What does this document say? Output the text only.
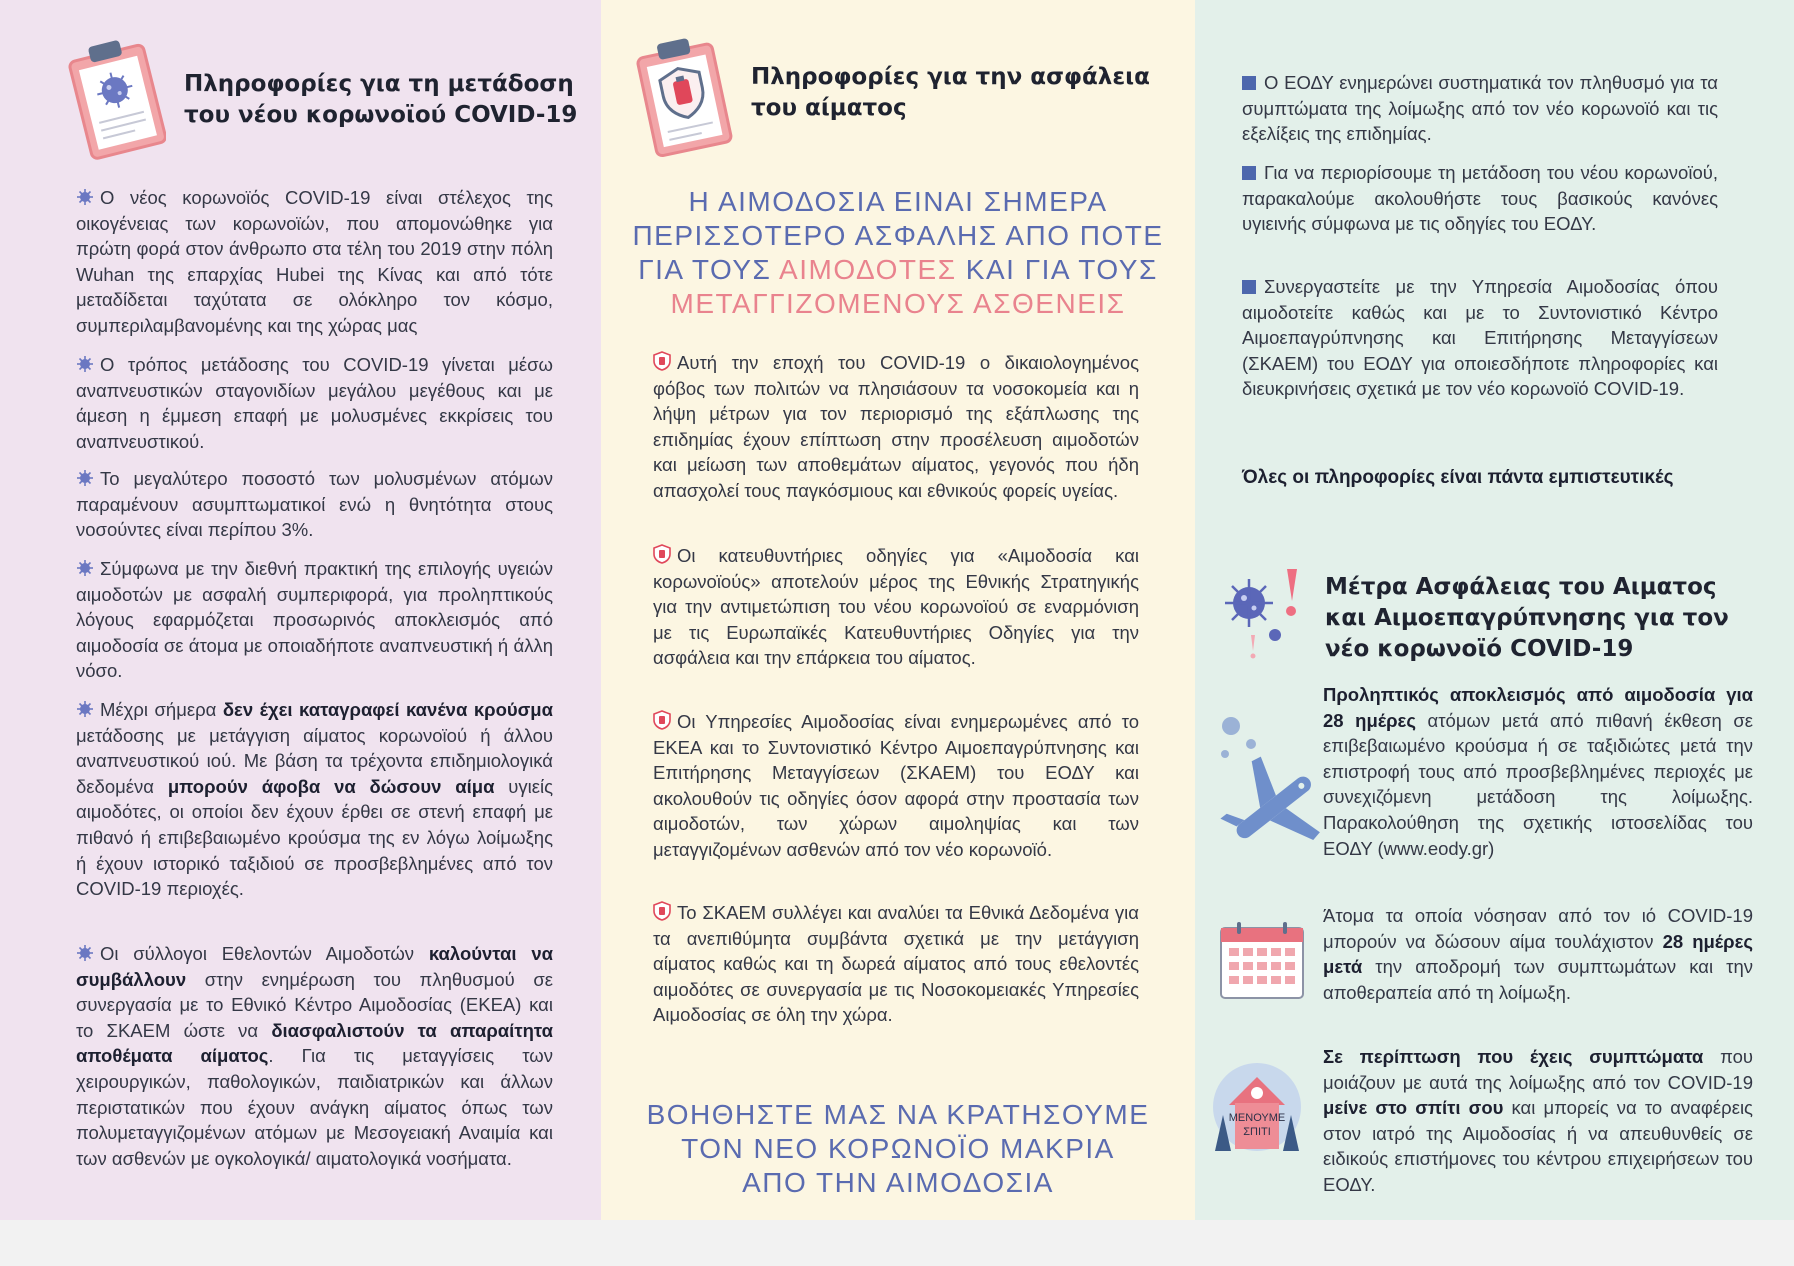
Πληροφορίες για τη μετάδοση
του νέου κορωνοϊού COVID-19
Ο νέος κορωνοϊός COVID-19 είναι στέλεχος της οικογένειας των κορωνοϊών, που απομονώθηκε για πρώτη φορά στον άνθρωπο στα τέλη του 2019 στην πόλη Wuhan της επαρχίας Hubei της Κίνας και από τότε μεταδίδεται ταχύτατα σε ολόκληρο τον κόσμο, συμπεριλαμβανομένης και της χώρας μας
Ο τρόπος μετάδοσης του COVID-19 γίνεται μέσω αναπνευστικών σταγονιδίων μεγάλου μεγέθους και με άμεση η έμμεση επαφή με μολυσμένες εκκρίσεις του αναπνευστικού.
Το μεγαλύτερο ποσοστό των μολυσμένων ατόμων παραμένουν ασυμπτωματικοί ενώ η θνητότητα στους νοσούντες είναι περίπου 3%.
Σύμφωνα με την διεθνή πρακτική της επιλογής υγειών αιμοδοτών με ασφαλή συμπεριφορά, για προληπτικούς λόγους εφαρμόζεται προσωρινός αποκλεισμός από αιμοδοσία σε άτομα με οποιαδήποτε αναπνευστική ή άλλη νόσο.
Μέχρι σήμερα δεν έχει καταγραφεί κανένα κρούσμα μετάδοσης με μετάγγιση αίματος κορωνοϊού ή άλλου αναπνευστικού ιού. Με βάση τα τρέχοντα επιδημιολογικά δεδομένα μπορούν άφοβα να δώσουν αίμα υγιείς αιμοδότες, οι οποίοι δεν έχουν έρθει σε στενή επαφή με πιθανό ή επιβεβαιωμένο κρούσμα της εν λόγω λοίμωξης ή έχουν ιστορικό ταξιδιού σε προσβεβλημένες από τον COVID-19 περιοχές.
Οι σύλλογοι Εθελοντών Αιμοδοτών καλούνται να συμβάλλουν στην ενημέρωση του πληθυσμού σε συνεργασία με το Εθνικό Κέντρο Αιμοδοσίας (ΕΚΕΑ) και το ΣΚΑΕΜ ώστε να διασφαλιστούν τα απαραίτητα αποθέματα αίματος. Για τις μεταγγίσεις των χειρουργικών, παθολογικών, παιδιατρικών και άλλων περιστατικών που έχουν ανάγκη αίματος όπως των πολυμεταγγιζομένων ατόμων με Μεσογειακή Αναιμία και των ασθενών με ογκολογικά/ αιματολογικά νοσήματα.
Πληροφορίες για την ασφάλεια
του αίματος
Η ΑΙΜΟΔΟΣΙΑ ΕΙΝΑΙ ΣΗΜΕΡΑ
ΠΕΡΙΣΣΟΤΕΡΟ ΑΣΦΑΛΗΣ ΑΠΟ ΠΟΤΕ
ΓΙΑ ΤΟΥΣ ΑΙΜΟΔΟΤΕΣ ΚΑΙ ΓΙΑ ΤΟΥΣ
ΜΕΤΑΓΓΙΖΟΜΕΝΟΥΣ ΑΣΘΕΝΕΙΣ
Αυτή την εποχή του COVID-19 ο δικαιολογημένος φόβος των πολιτών να πλησιάσουν τα νοσοκομεία και η λήψη μέτρων για τον περιορισμό της εξάπλωσης της επιδημίας έχουν επίπτωση στην προσέλευση αιμοδοτών και μείωση των αποθεμάτων αίματος, γεγονός που ήδη απασχολεί τους παγκόσμιους και εθνικούς φορείς υγείας.
Οι κατευθυντήριες οδηγίες για «Αιμοδοσία και κορωνοϊούς» αποτελούν μέρος της Εθνικής Στρατηγικής για την αντιμετώπιση του νέου κορωνοϊού σε εναρμόνιση με τις Ευρωπαϊκές Κατευθυντήριες Οδηγίες για την ασφάλεια και την επάρκεια του αίματος.
Οι Υπηρεσίες Αιμοδοσίας είναι ενημερωμένες από το ΕΚΕΑ και το Συντονιστικό Κέντρο Αιμοεπαγρύπνησης και Επιτήρησης Μεταγγίσεων (ΣΚΑΕΜ) του ΕΟΔΥ και ακολουθούν τις οδηγίες όσον αφορά στην προστασία των αιμοδοτών, των χώρων αιμοληψίας και των μεταγγιζομένων ασθενών από τον νέο κορωνοϊό.
Το ΣΚΑΕΜ συλλέγει και αναλύει τα Εθνικά Δεδομένα για τα ανεπιθύμητα συμβάντα σχετικά με την μετάγγιση αίματος καθώς και τη δωρεά αίματος από τους εθελοντές αιμοδότες σε συνεργασία με τις Νοσοκομειακές Υπηρεσίες Αιμοδοσίας σε όλη την χώρα.
ΒΟΗΘΗΣΤΕ ΜΑΣ ΝΑ ΚΡΑΤΗΣΟΥΜΕ
ΤΟΝ ΝΕΟ ΚΟΡΩΝΟΪΟ ΜΑΚΡΙΑ
ΑΠΟ ΤΗΝ ΑΙΜΟΔΟΣΙΑ
Ο ΕΟΔΥ ενημερώνει συστηματικά τον πληθυσμό για τα συμπτώματα της λοίμωξης από τον νέο κορωνοϊό και τις εξελίξεις της επιδημίας.
Για να περιορίσουμε τη μετάδοση του νέου κορωνοϊού, παρακαλούμε ακολουθήστε τους βασικούς κανόνες υγιεινής σύμφωνα με τις οδηγίες του ΕΟΔΥ.
Συνεργαστείτε με την Υπηρεσία Αιμοδοσίας όπου αιμοδοτείτε καθώς και με το Συντονιστικό Κέντρο Αιμοεπαγρύπνησης και Επιτήρησης Μεταγγίσεων (ΣΚΑΕΜ) του ΕΟΔΥ για οποιεσδήποτε πληροφορίες και διευκρινήσεις σχετικά με τον νέο κορωνοϊό COVID-19.
Όλες οι πληροφορίες είναι πάντα εμπιστευτικές
Μέτρα Ασφάλειας του Αιματος
και Αιμοεπαγρύπνησης για τον
νέο κορωνοϊό COVID-19
Προληπτικός αποκλεισμός από αιμοδοσία για 28 ημέρες ατόμων μετά από πιθανή έκθεση σε επιβεβαιωμένο κρούσμα ή σε ταξιδιώτες μετά την επιστροφή τους από προσβεβλημένες περιοχές με συνεχιζόμενη μετάδοση της λοίμωξης. Παρακολούθηση της σχετικής ιστοσελίδας του ΕΟΔΥ (www.eody.gr)
Άτομα τα οποία νόσησαν από τον ιό COVID-19 μπορούν να δώσουν αίμα τουλάχιστον 28 ημέρες μετά την αποδρομή των συμπτωμάτων και την αποθεραπεία από τη λοίμωξη.
ΜΕΝΟΥΜΕ
ΣΠΙΤΙ
Σε περίπτωση που έχεις συμπτώματα που μοιάζουν με αυτά της λοίμωξης από τον COVID-19 μείνε στο σπίτι σου και μπορείς να το αναφέρεις στον ιατρό της Αιμοδοσίας ή να απευθυνθείς σε ειδικούς επιστήμονες του κέντρου επιχειρήσεων του ΕΟΔΥ.
